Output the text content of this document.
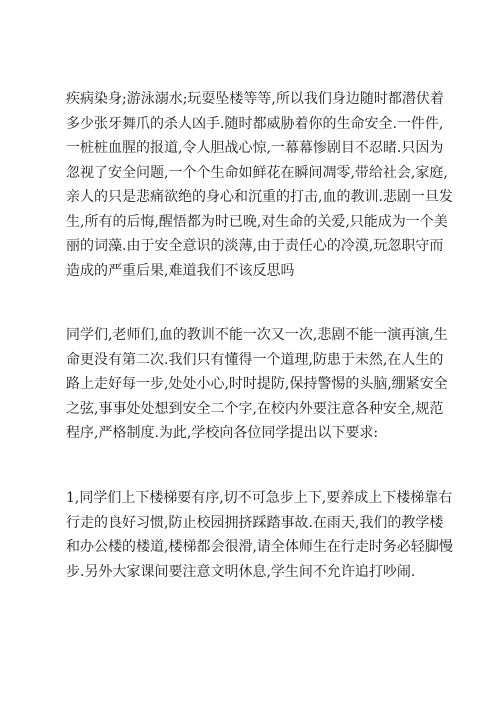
疾病染身;游泳溺水;玩耍坠楼等等,所以我们身边随时都潜伏着
多少张牙舞爪的杀人凶手.随时都威胁着你的生命安全.一件件,
一桩桩血腥的报道,令人胆战心惊,一幕幕惨剧目不忍睹.只因为
忽视了安全问题,一个个生命如鲜花在瞬间凋零,带给社会,家庭,
亲人的只是悲痛欲绝的身心和沉重的打击,血的教训.悲剧一旦发
生,所有的后悔,醒悟都为时已晚,对生命的关爱,只能成为一个美
丽的词藻.由于安全意识的淡薄,由于责任心的冷漠,玩忽职守而
造成的严重后果,难道我们不该反思吗
同学们,老师们,血的教训不能一次又一次,悲剧不能一演再演,生
命更没有第二次.我们只有懂得一个道理,防患于未然,在人生的
路上走好每一步,处处小心,时时提防,保持警惕的头脑,绷紧安全
之弦,事事处处想到安全二个字,在校内外要注意各种安全,规范
程序,严格制度.为此,学校向各位同学提出以下要求:
1,同学们上下楼梯要有序,切不可急步上下,要养成上下楼梯靠右
行走的良好习惯,防止校园拥挤踩踏事故.在雨天,我们的教学楼
和办公楼的楼道,楼梯都会很滑,请全体师生在行走时务必轻脚慢
步.另外大家课间要注意文明休息,学生间不允许追打吵闹.
